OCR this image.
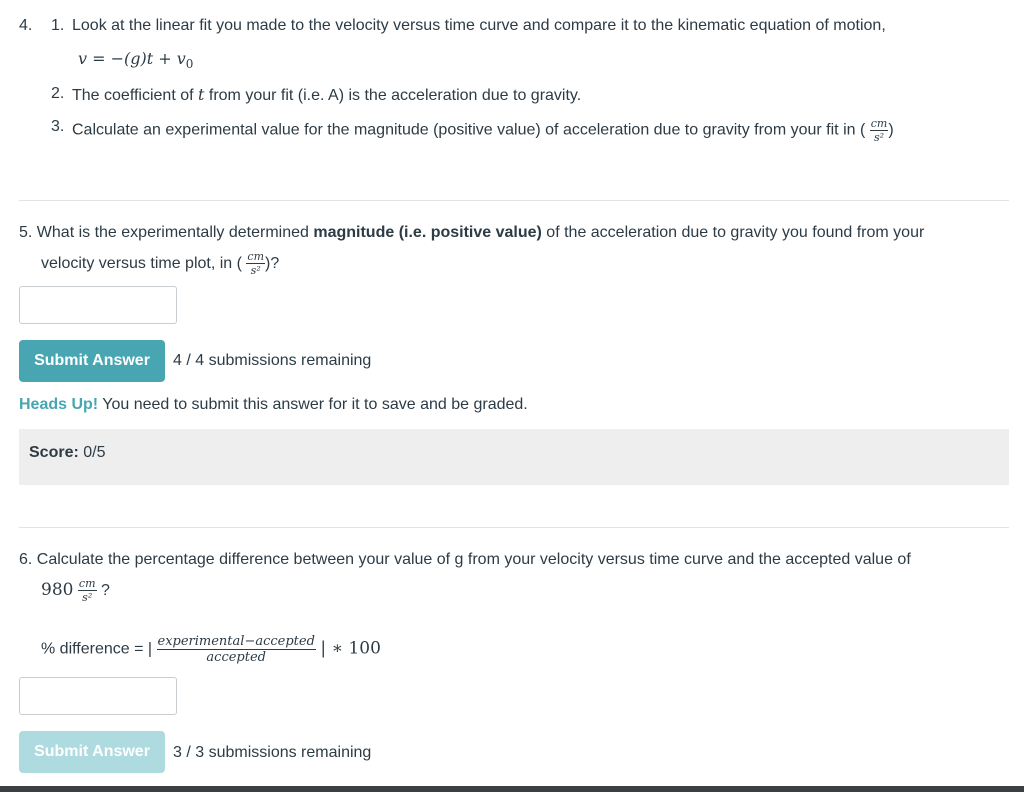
4. 1. Look at the linear fit you made to the velocity versus time curve and compare it to the kinematic equation of motion,
$v = -(g)t + v_0$
2. The coefficient of t from your fit (i.e. A) is the acceleration due to gravity.
3. Calculate an experimental value for the magnitude (positive value) of acceleration due to gravity from your fit in ( $\frac{cm}{\text{s²}}$ )
5. What is the experimentally determined magnitude (i.e. positive value) of the acceleration due to gravity you found from your
velocity versus time plot, in ( $\frac{cm}{\text{s²}}$ )?
Submit Answer	4 / 4 submissions remaining
Heads Up! You need to submit this answer for it to save and be graded.
Score: 0/5
6. Calculate the percentage difference between your value of g from your velocity versus time curve and the accepted value of
$980 \frac{cm}{\text{s²}}$ ?
% difference = | $\frac{\text{experimental−accepted}}{\text{accepted}}$ | ∗ 100
Submit Answer	3 / 3 submissions remaining
